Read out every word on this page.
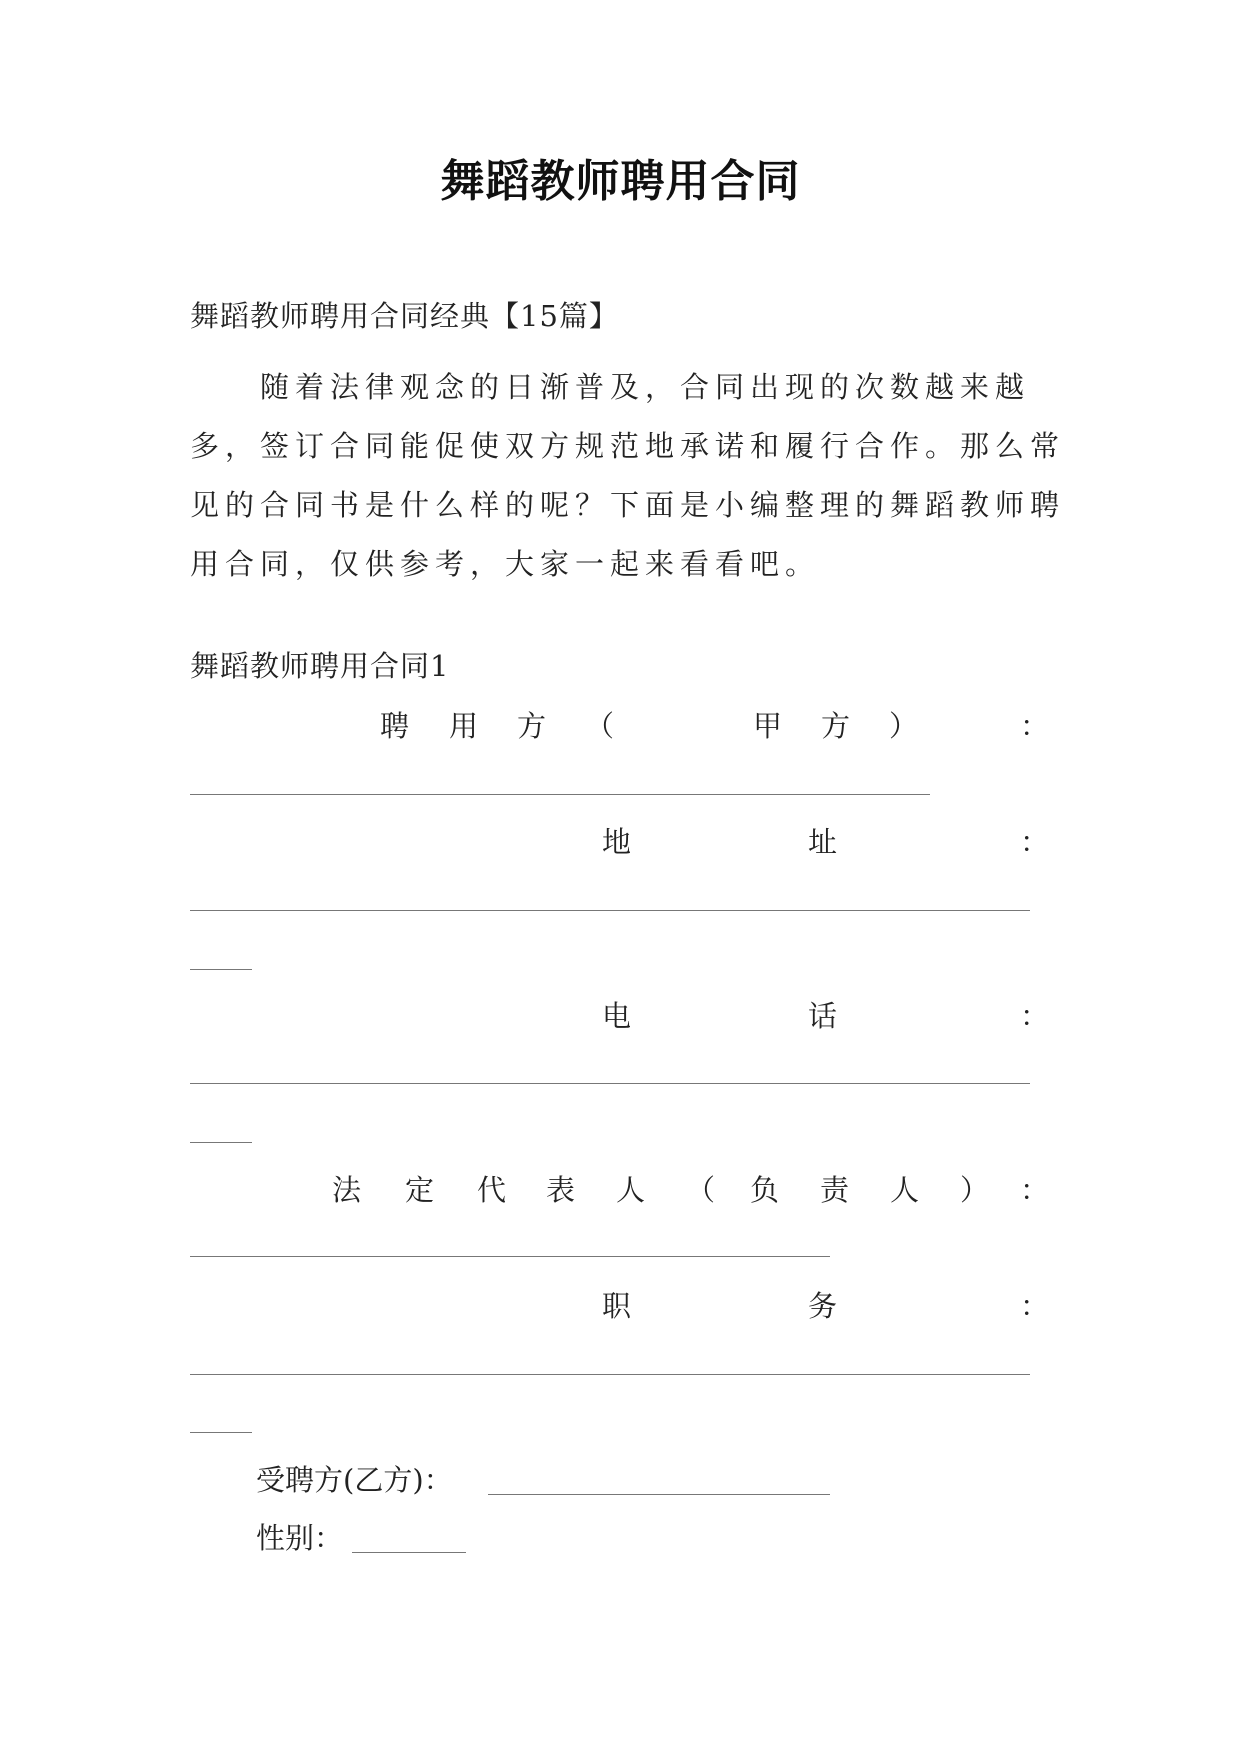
舞蹈教师聘用合同
舞蹈教师聘用合同经典【15篇】
随着法律观念的日渐普及，合同出现的次数越来越多，签订合同能促使双方规范地承诺和履行合作。那么常见的合同书是什么样的呢？下面是小编整理的舞蹈教师聘用合同，仅供参考，大家一起来看看吧。
舞蹈教师聘用合同1
聘 用 方 （	甲 方 ）	：
地	址	：
电	话	：
法 定 代 表 人 （ 负 责 人 ） ：
职	务	：
受聘方(乙方)：
性别：
